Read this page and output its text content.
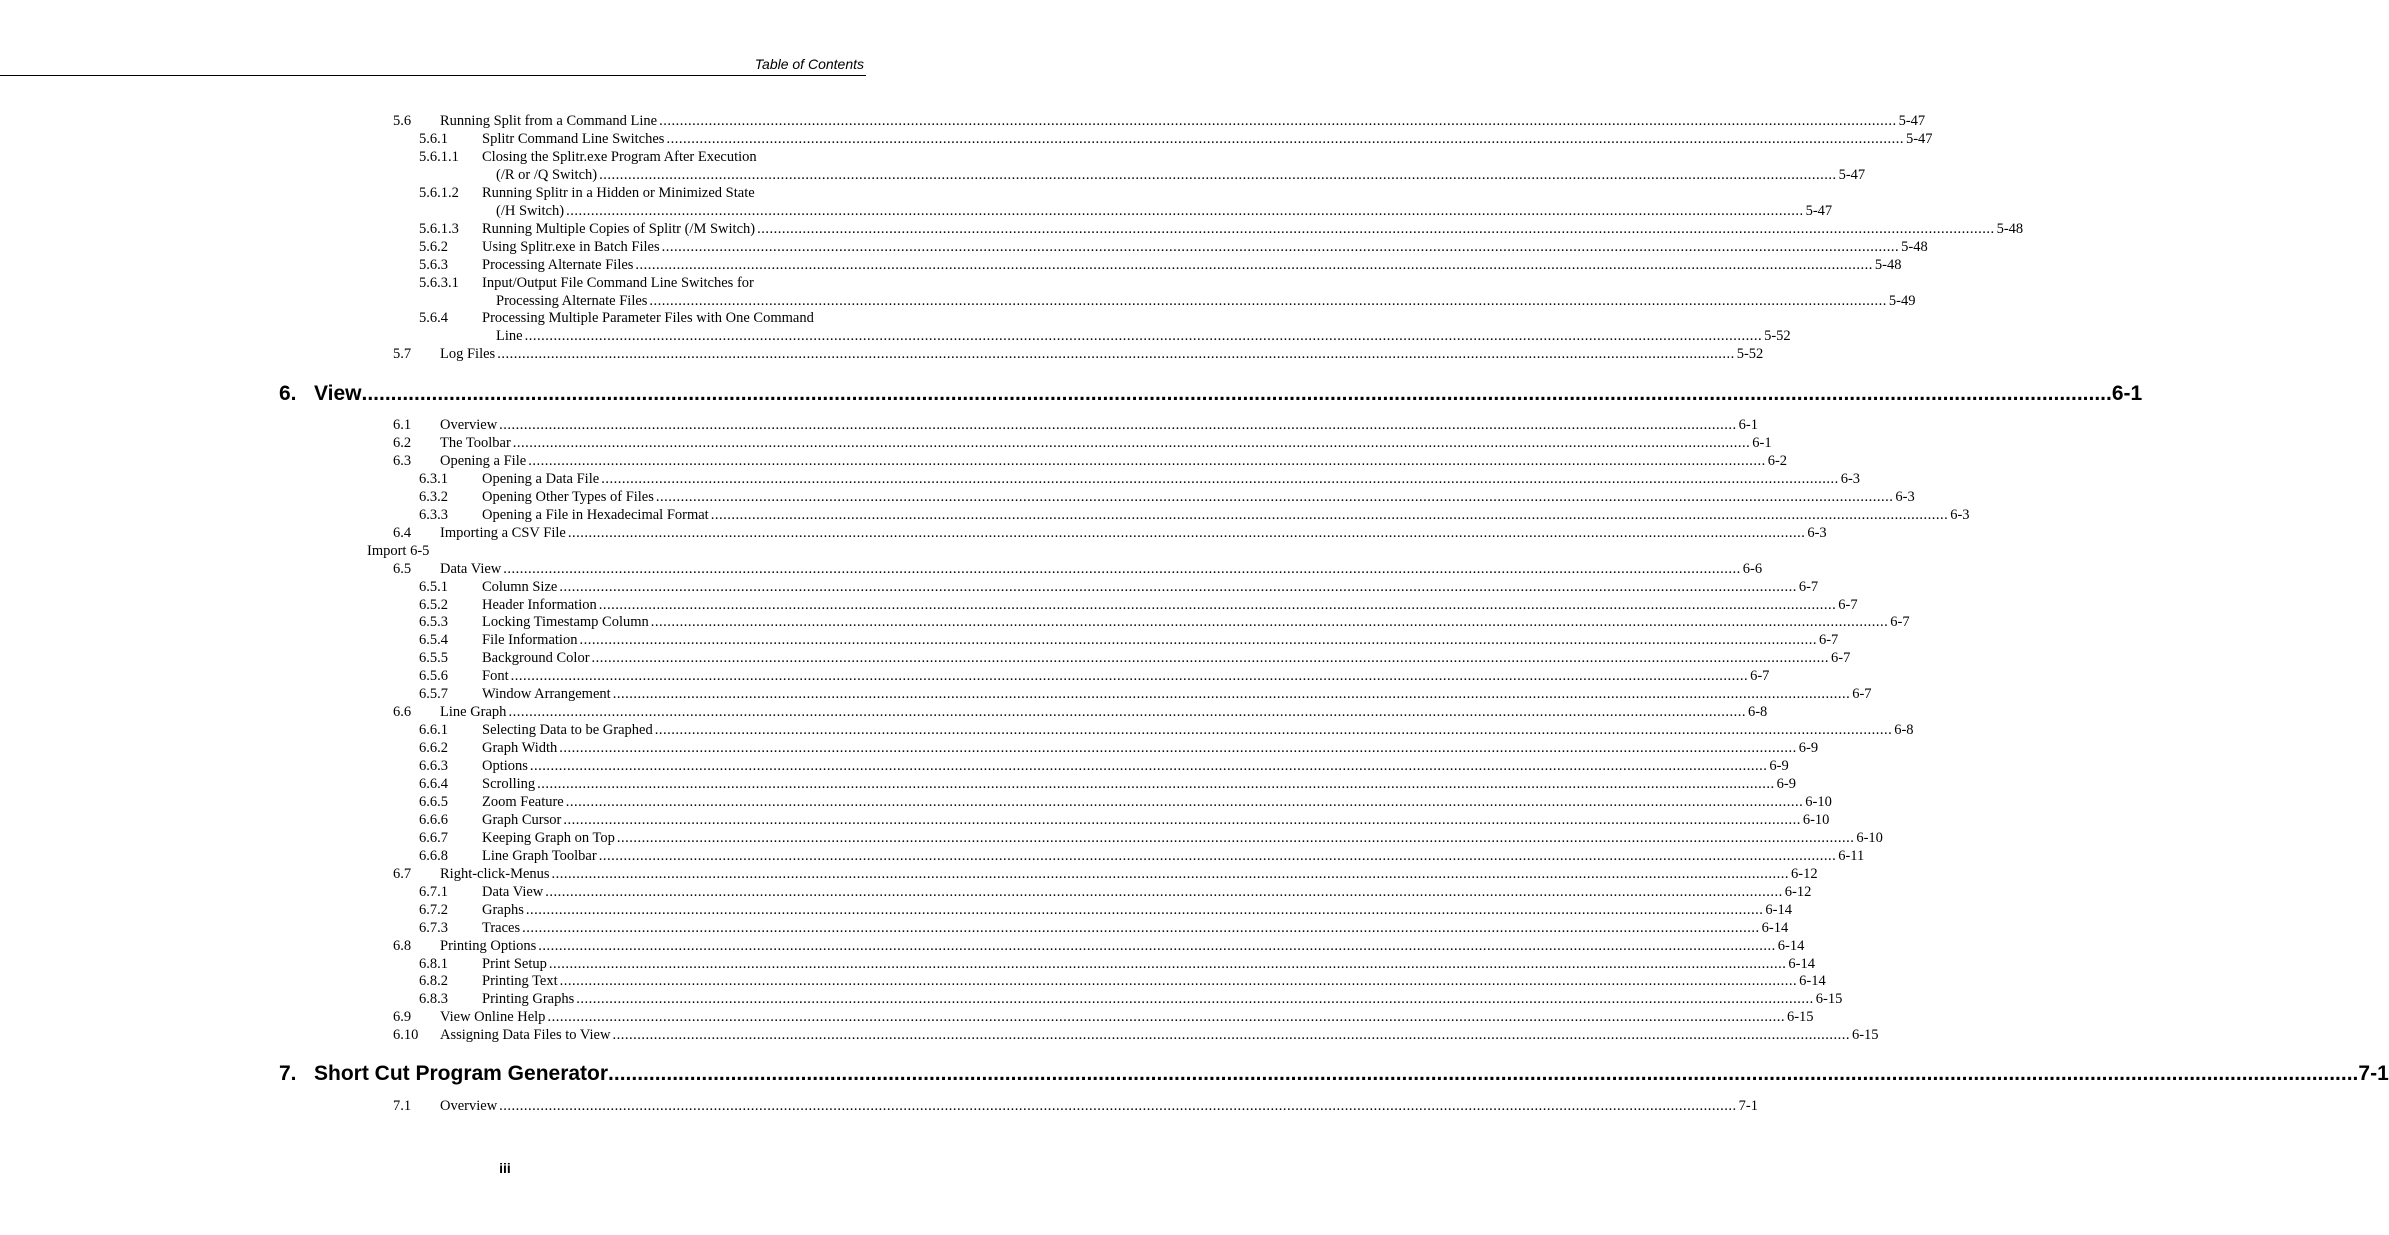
Table of Contents
5.6 Running Split from a Command Line ............................................................................................................................................................................................................................................................................................................ 5-47
5.6.1 Splitr Command Line Switches ............................................................................................................................................................................................................................................................................................................ 5-47
5.6.1.1 Closing the Splitr.exe Program After Execution
(/R or /Q Switch) ............................................................................................................................................................................................................................................................................................................ 5-47
5.6.1.2 Running Splitr in a Hidden or Minimized State
(/H Switch) ............................................................................................................................................................................................................................................................................................................ 5-47
5.6.1.3 Running Multiple Copies of Splitr (/M Switch) ............................................................................................................................................................................................................................................................................................................ 5-48
5.6.2 Using Splitr.exe in Batch Files ............................................................................................................................................................................................................................................................................................................ 5-48
5.6.3 Processing Alternate Files ............................................................................................................................................................................................................................................................................................................ 5-48
5.6.3.1 Input/Output File Command Line Switches for
Processing Alternate Files ............................................................................................................................................................................................................................................................................................................ 5-49
5.6.4 Processing Multiple Parameter Files with One Command
Line ............................................................................................................................................................................................................................................................................................................ 5-52
5.7 Log Files ............................................................................................................................................................................................................................................................................................................ 5-52
6. View ............................................................................................................................................................................................................................................................................................................ 6-1
6.1 Overview ............................................................................................................................................................................................................................................................................................................ 6-1
6.2 The Toolbar ............................................................................................................................................................................................................................................................................................................ 6-1
6.3 Opening a File ............................................................................................................................................................................................................................................................................................................ 6-2
6.3.1 Opening a Data File ............................................................................................................................................................................................................................................................................................................ 6-3
6.3.2 Opening Other Types of Files ............................................................................................................................................................................................................................................................................................................ 6-3
6.3.3 Opening a File in Hexadecimal Format ............................................................................................................................................................................................................................................................................................................ 6-3
6.4 Importing a CSV File ............................................................................................................................................................................................................................................................................................................ 6-3
Import 6-5
6.5 Data View ............................................................................................................................................................................................................................................................................................................ 6-6
6.5.1 Column Size ............................................................................................................................................................................................................................................................................................................ 6-7
6.5.2 Header Information ............................................................................................................................................................................................................................................................................................................ 6-7
6.5.3 Locking Timestamp Column ............................................................................................................................................................................................................................................................................................................ 6-7
6.5.4 File Information ............................................................................................................................................................................................................................................................................................................ 6-7
6.5.5 Background Color ............................................................................................................................................................................................................................................................................................................ 6-7
6.5.6 Font ............................................................................................................................................................................................................................................................................................................ 6-7
6.5.7 Window Arrangement ............................................................................................................................................................................................................................................................................................................ 6-7
6.6 Line Graph ............................................................................................................................................................................................................................................................................................................ 6-8
6.6.1 Selecting Data to be Graphed ............................................................................................................................................................................................................................................................................................................ 6-8
6.6.2 Graph Width ............................................................................................................................................................................................................................................................................................................ 6-9
6.6.3 Options ............................................................................................................................................................................................................................................................................................................ 6-9
6.6.4 Scrolling ............................................................................................................................................................................................................................................................................................................ 6-9
6.6.5 Zoom Feature ............................................................................................................................................................................................................................................................................................................ 6-10
6.6.6 Graph Cursor ............................................................................................................................................................................................................................................................................................................ 6-10
6.6.7 Keeping Graph on Top ............................................................................................................................................................................................................................................................................................................ 6-10
6.6.8 Line Graph Toolbar ............................................................................................................................................................................................................................................................................................................ 6-11
6.7 Right-click-Menus ............................................................................................................................................................................................................................................................................................................ 6-12
6.7.1 Data View ............................................................................................................................................................................................................................................................................................................ 6-12
6.7.2 Graphs ............................................................................................................................................................................................................................................................................................................ 6-14
6.7.3 Traces ............................................................................................................................................................................................................................................................................................................ 6-14
6.8 Printing Options ............................................................................................................................................................................................................................................................................................................ 6-14
6.8.1 Print Setup ............................................................................................................................................................................................................................................................................................................ 6-14
6.8.2 Printing Text ............................................................................................................................................................................................................................................................................................................ 6-14
6.8.3 Printing Graphs ............................................................................................................................................................................................................................................................................................................ 6-15
6.9 View Online Help ............................................................................................................................................................................................................................................................................................................ 6-15
6.10 Assigning Data Files to View ............................................................................................................................................................................................................................................................................................................ 6-15
7. Short Cut Program Generator ............................................................................................................................................................................................................................................................................................................ 7-1
7.1 Overview ............................................................................................................................................................................................................................................................................................................ 7-1
iii
